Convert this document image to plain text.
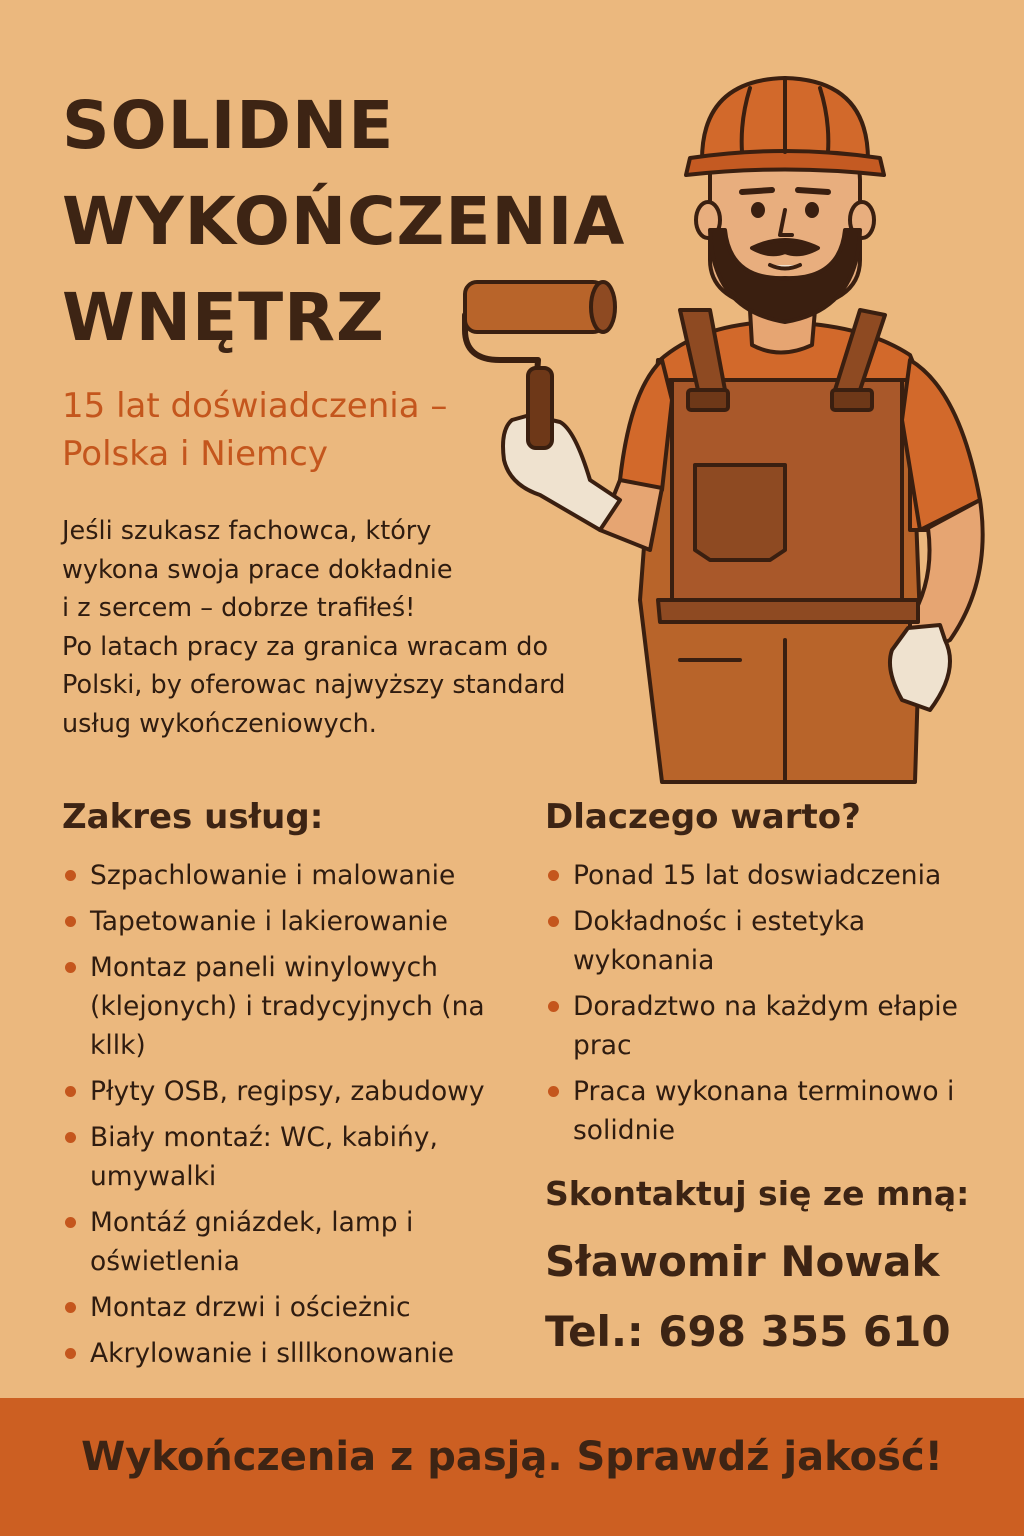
SOLIDNE
WYKOŃCZENIA
WNĘTRZ
15 lat doświadczenia –
Polska i Niemcy

Jeśli szukasz fachowca, który

wykona swoja prace dokładnie

i z sercem – dobrze trafiłeś!

Po latach pracy za granica wracam do

Polski, by oferowac najwyższy standard

usług wykończeniowych.

Zakres usług:
Szpachlowanie i malowanie
Tapetowanie i lakierowanie
Montaz paneli winylowych (klejonych) i tradycyjnych (na kllk)
Płyty OSB, regipsy, zabudowy
Biały montaź: WC, kabińy, umywalki
Montáź gniázdek, lamp i oświetlenia
Montaz drzwi i ościeżnic
Akrylowanie i slllkonowanie
Dlaczego warto?
Ponad 15 lat doswiadczenia
Dokładnośc i estetyka wykonania
Doradztwo na każdym ełapie prac
Praca wykonana terminowo i solidnie
Skontaktuj się ze mną:
Sławomir Nowak
Tel.: 698 355 610
Wykończenia z pasją. Sprawdź jakość!
